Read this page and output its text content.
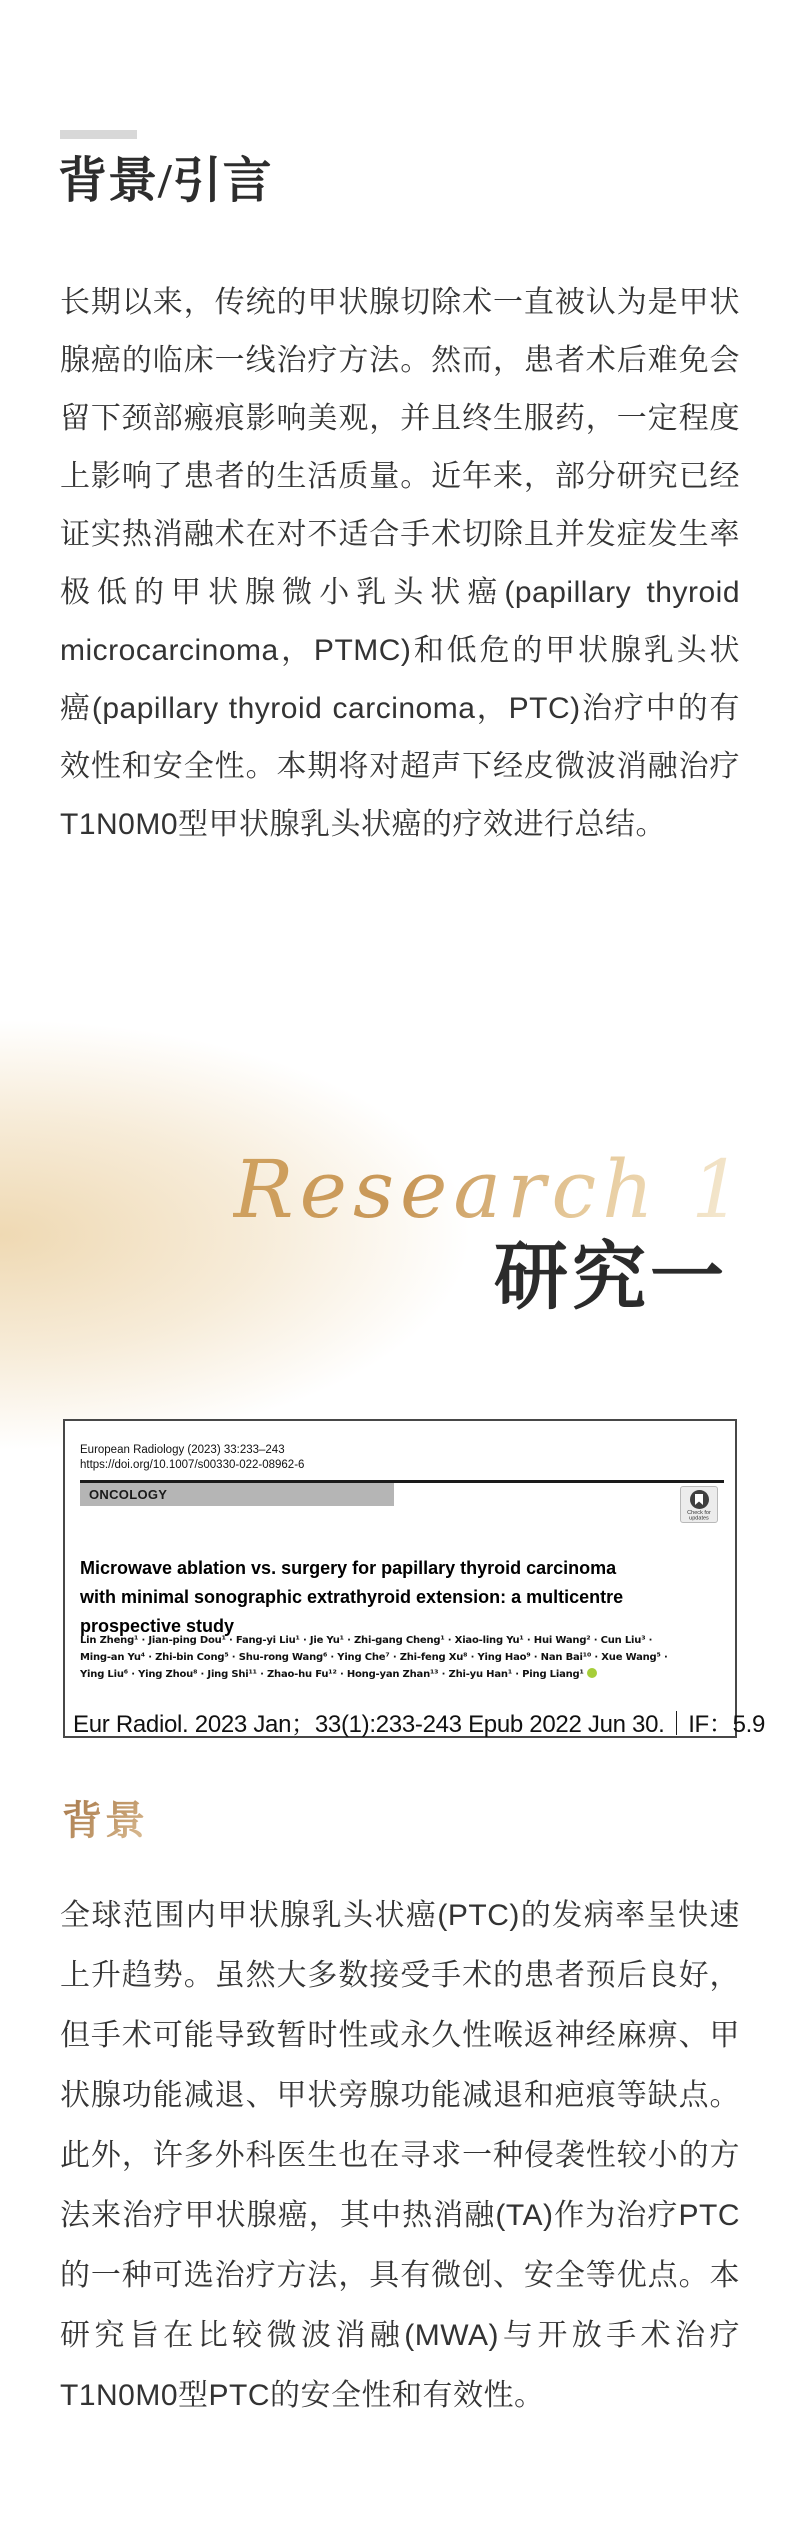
背景/引言

长期以来，传统的甲状腺切除术一直被认为是甲状腺癌的临床一线治疗方法。然而，患者术后难免会留下颈部瘢痕影响美观，并且终生服药，一定程度上影响了患者的生活质量。近年来，部分研究已经证实热消融术在对不适合手术切除且并发症发生率极低的甲状腺微小乳头状癌(papillary thyroid microcarcinoma，PTMC)和低危的甲状腺乳头状癌(papillary thyroid carcinoma，PTC)治疗中的有效性和安全性。本期将对超声下经皮微波消融治疗T1N0M0型甲状腺乳头状癌的疗效进行总结。

Research 1
研究一
European Radiology (2023) 33:233–243
https://doi.org/10.1007/s00330-022-08962-6
ONCOLOGY
Check for updates
Microwave ablation vs. surgery for papillary thyroid carcinoma
with minimal sonographic extrathyroid extension: a multicentre
prospective study
Lin Zheng¹ · Jian-ping Dou¹ · Fang-yi Liu¹ · Jie Yu¹ · Zhi-gang Cheng¹ · Xiao-ling Yu¹ · Hui Wang² · Cun Liu³ ·
Ming-an Yu⁴ · Zhi-bin Cong⁵ · Shu-rong Wang⁶ · Ying Che⁷ · Zhi-feng Xu⁸ · Ying Hao⁹ · Nan Bai¹⁰ · Xue Wang⁵ ·
Ying Liu⁶ · Ying Zhou⁸ · Jing Shi¹¹ · Zhao-hu Fu¹² · Hong-yan Zhan¹³ · Zhi-yu Han¹ · Ping Liang¹
Eur Radiol. 2023 Jan；33(1):233-243 Epub 2022 Jun 30.｜IF：5.9
背景

全球范围内甲状腺乳头状癌(PTC)的发病率呈快速上升趋势。虽然大多数接受手术的患者预后良好，但手术可能导致暂时性或永久性喉返神经麻痹、甲状腺功能减退、甲状旁腺功能减退和疤痕等缺点。此外，许多外科医生也在寻求一种侵袭性较小的方法来治疗甲状腺癌，其中热消融(TA)作为治疗PTC的一种可选治疗方法，具有微创、安全等优点。本研究旨在比较微波消融(MWA)与开放手术治疗T1N0M0型PTC的安全性和有效性。
